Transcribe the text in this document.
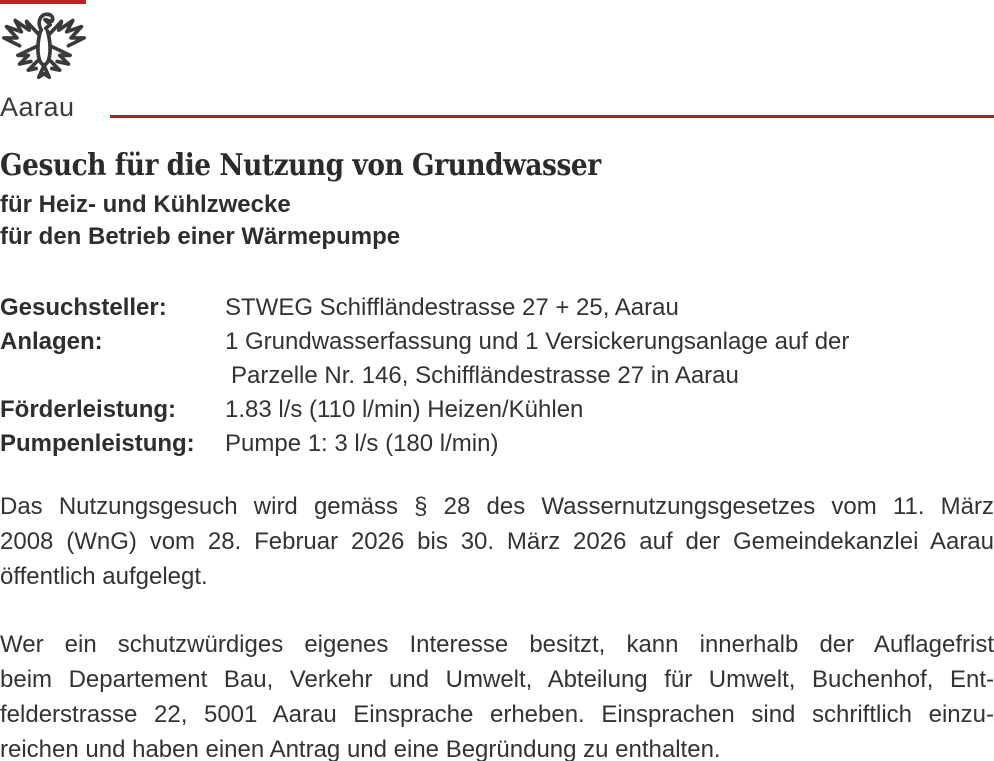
Aarau
Gesuch für die Nutzung von Grundwasser
für Heiz- und Kühlzwecke
für den Betrieb einer Wärmepumpe
Gesuchsteller:	STWEG Schiffländestrasse 27 + 25, Aarau
Anlagen:	1 Grundwasserfassung und 1 Versickerungsanlage auf der
Parzelle Nr. 146, Schiffländestrasse 27 in Aarau
Förderleistung:	1.83 l/s (110 l/min) Heizen/Kühlen
Pumpenleistung:	Pumpe 1: 3 l/s (180 l/min)

Das Nutzungsgesuch wird gemäss § 28 des Wassernutzungsgesetzes vom 11. März
2008 (WnG) vom 28. Februar 2026 bis 30. März 2026 auf der Gemeindekanzlei Aarau
öffentlich aufgelegt.

Wer ein schutzwürdiges eigenes Interesse besitzt, kann innerhalb der Auflagefrist
beim Departement Bau, Verkehr und Umwelt, Abteilung für Umwelt, Buchenhof, Ent-
felderstrasse 22, 5001 Aarau Einsprache erheben. Einsprachen sind schriftlich einzu-
reichen und haben einen Antrag und eine Begründung zu enthalten.
